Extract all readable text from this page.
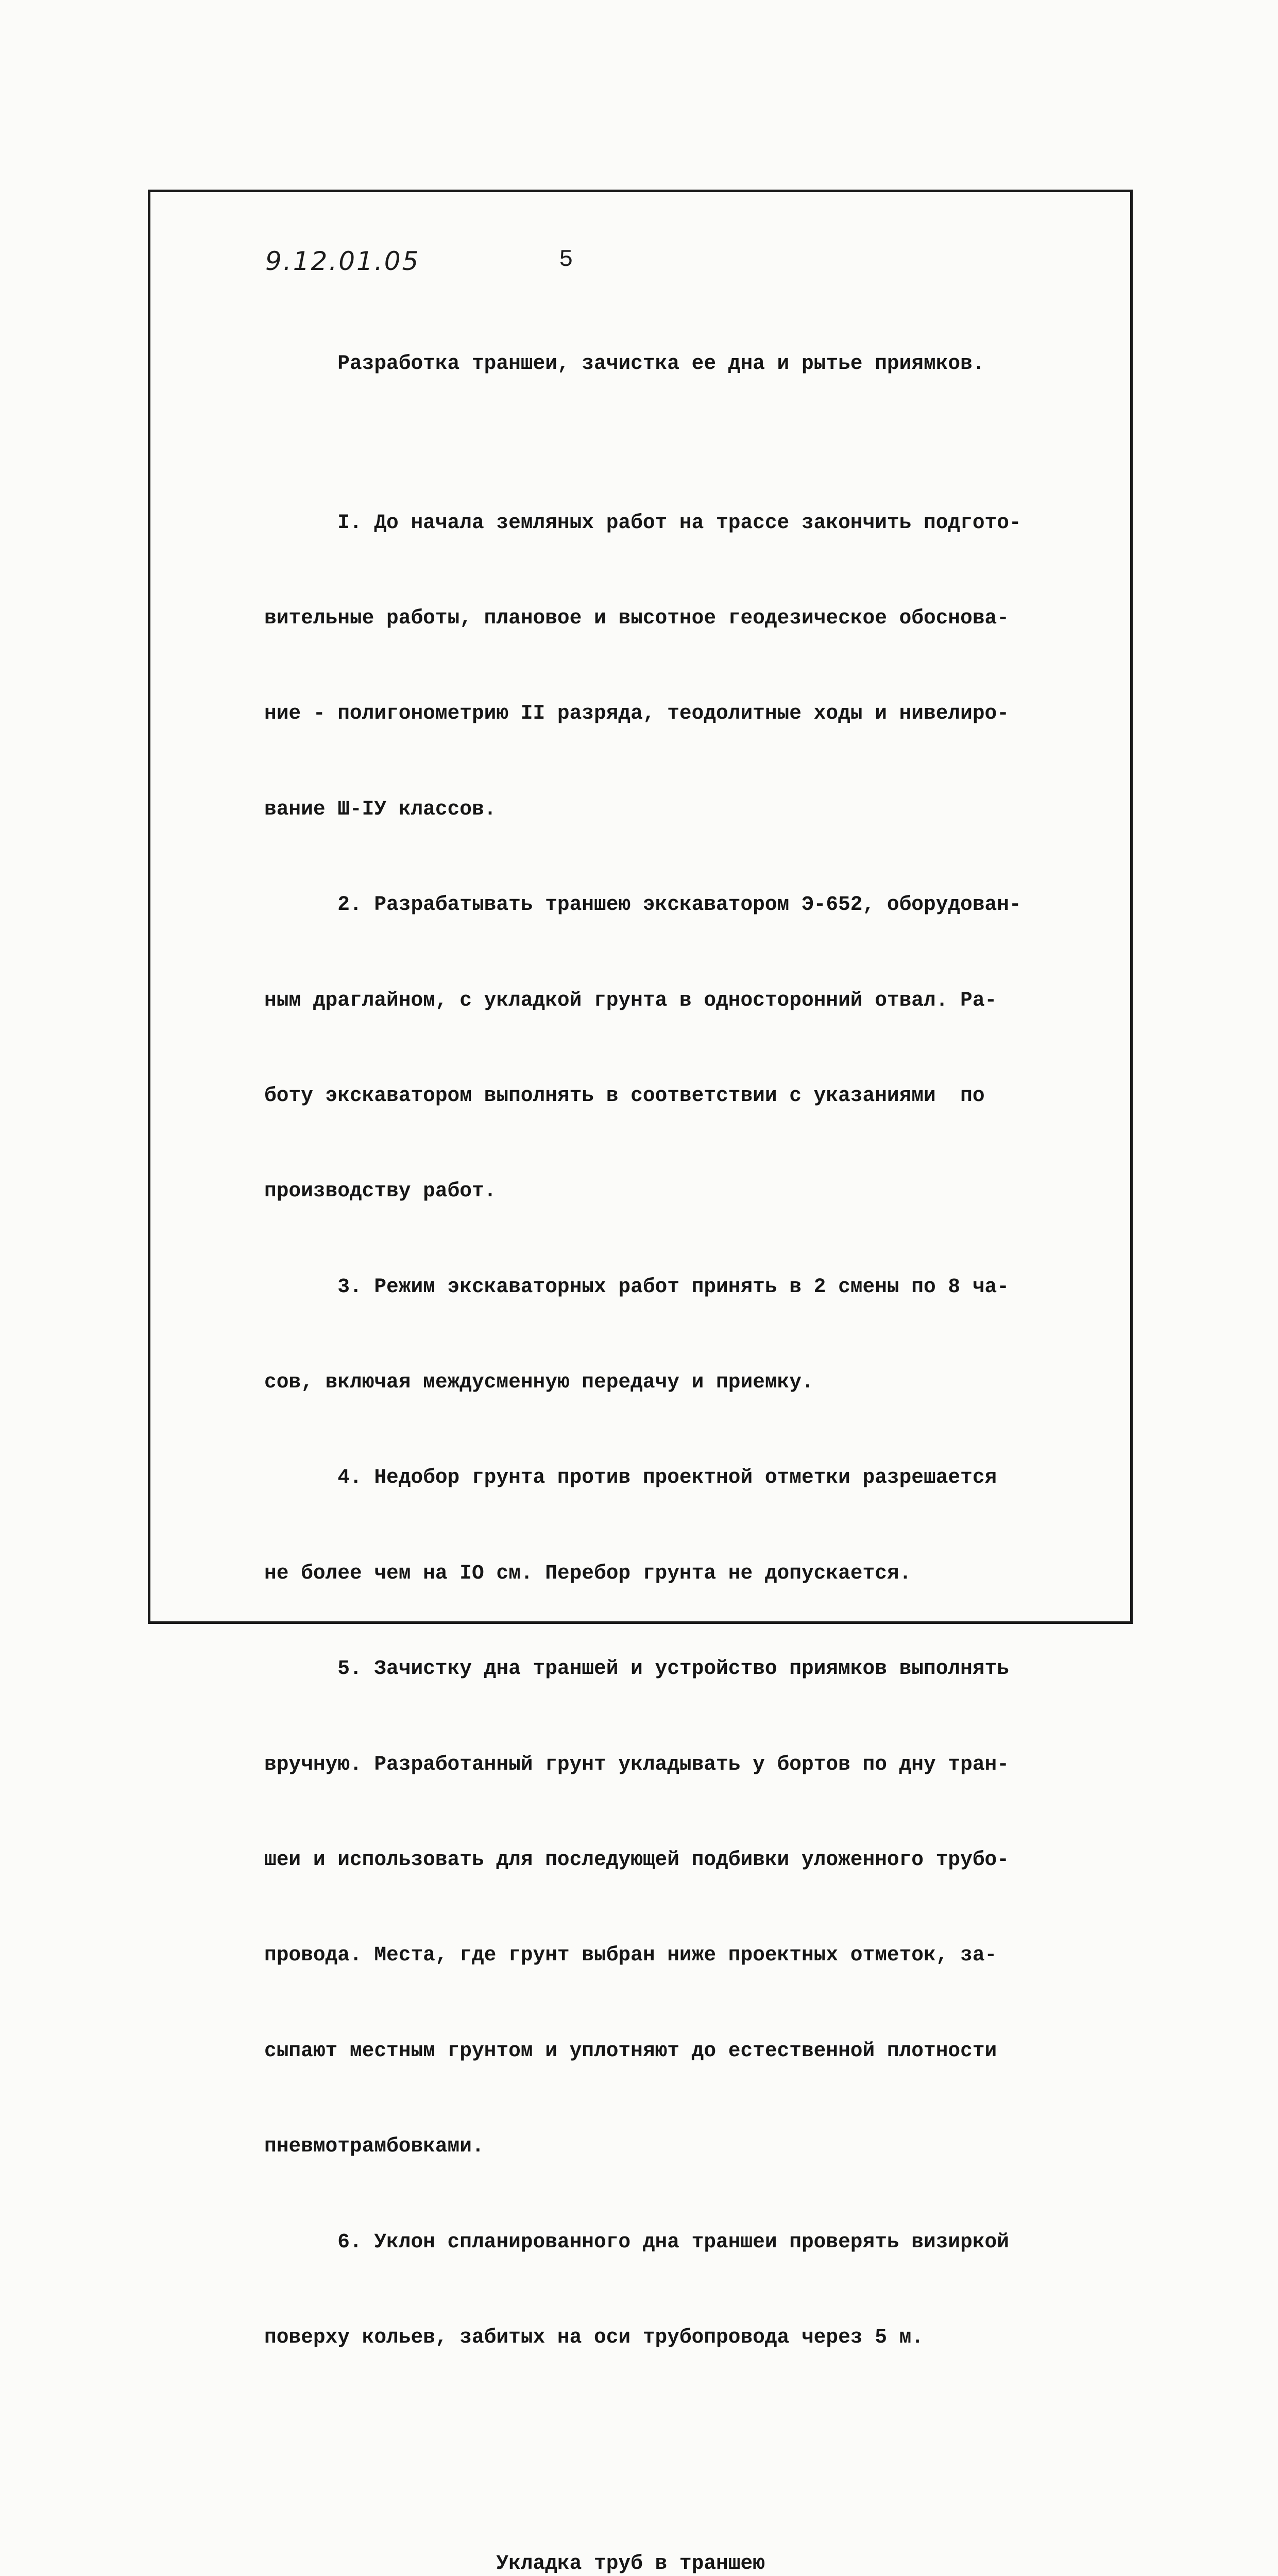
9.12.01.05	5

Разработка траншеи, зачистка ее дна и рытье приямков.

I. До начала земляных работ на трассе закончить подгото-

вительные работы, плановое и высотное геодезическое обоснова-

ние - полигонометрию II разряда, теодолитные ходы и нивелиро-

вание Ш-IУ классов.

2. Разрабатывать траншею экскаватором Э-652, оборудован-

ным драглайном, с укладкой грунта в односторонний отвал. Ра-

боту экскаватором выполнять в соответствии с указаниями  по

производству работ.

3. Режим экскаваторных работ принять в 2 смены по 8 ча-

сов, включая междусменную передачу и приемку.

4. Недобор грунта против проектной отметки разрешается

не более чем на IO см. Перебор грунта не допускается.

5. Зачистку дна траншей и устройство приямков выполнять

вручную. Разработанный грунт укладывать у бортов по дну тран-

шеи и использовать для последующей подбивки уложенного трубо-

провода. Места, где грунт выбран ниже проектных отметок, за-

сыпают местным грунтом и уплотняют до естественной плотности

пневмотрамбовками.

6. Уклон спланированного дна траншеи проверять визиркой

поверху кольев, забитых на оси трубопровода через 5 м.

Укладка труб в траншею
